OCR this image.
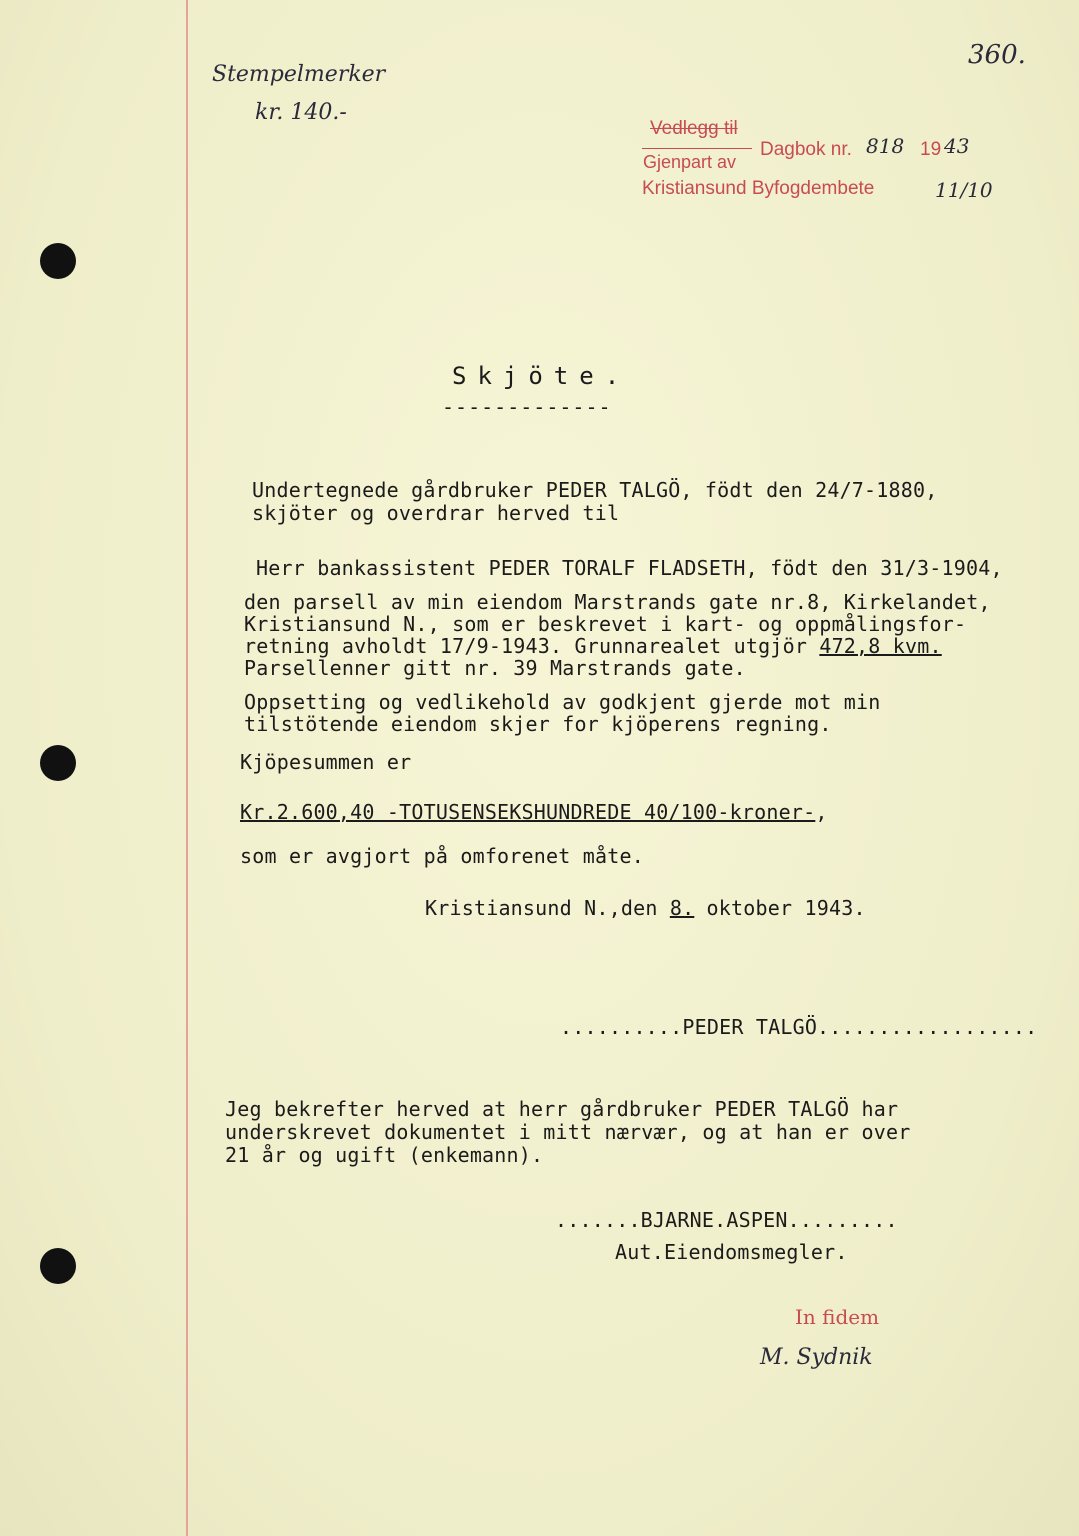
Stempelmerker
kr. 140.-
360.
Vedlegg til
Dagbok nr. 818 19 43
Gjenpart av
Kristiansund Byfogdembete	11/10
Skjöte.
-------------
Undertegnede gårdbruker PEDER TALGÖ, födt den 24/7-1880,
skjöter og overdrar herved til
Herr bankassistent PEDER TORALF FLADSETH, födt den 31/3-1904,
den parsell av min eiendom Marstrands gate nr.8, Kirkelandet,
Kristiansund N., som er beskrevet i kart- og oppmålingsfor-
retning avholdt 17/9-1943. Grunnarealet utgjör 472,8 kvm.
Parsellenner gitt nr. 39 Marstrands gate.
Oppsetting og vedlikehold av godkjent gjerde mot min
tilstötende eiendom skjer for kjöperens regning.
Kjöpesummen er
Kr.2.600,40 -TOTUSENSEKSHUNDREDE 40/100-kroner-,
som er avgjort på omforenet måte.
Kristiansund N.,den 8. oktober 1943.
..........PEDER TALGÖ..................
Jeg bekrefter herved at herr gårdbruker PEDER TALGÖ har
underskrevet dokumentet i mitt nærvær, og at han er over
21 år og ugift (enkemann).
.......BJARNE.ASPEN.........
Aut.Eiendomsmegler.
In fidem
M. Sydnik
